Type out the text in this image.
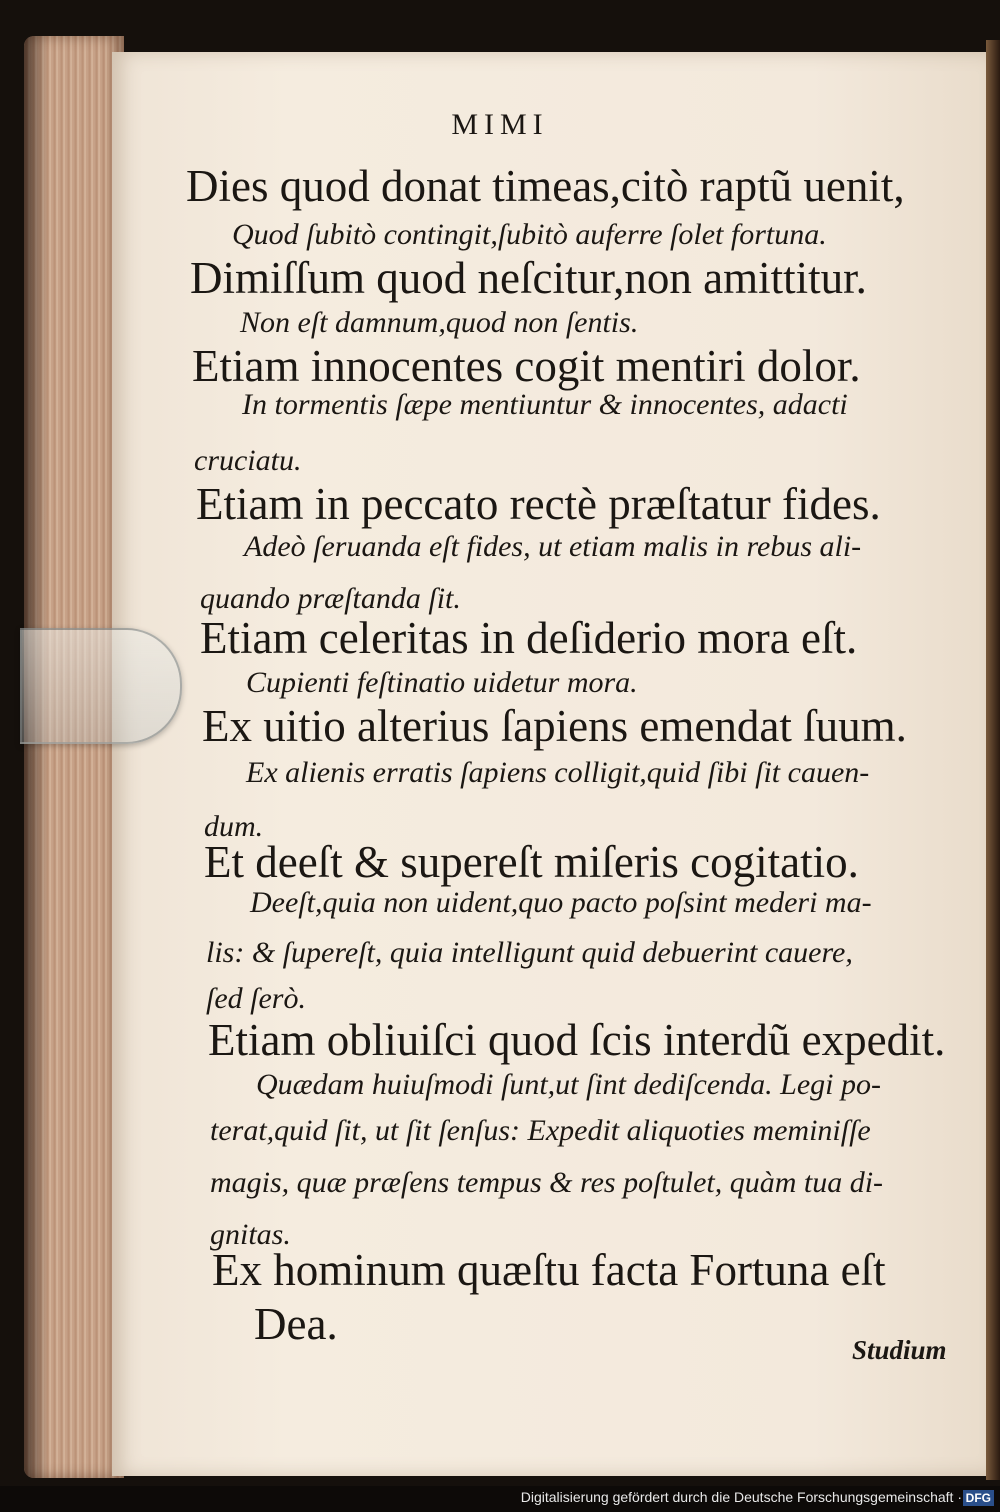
MIMI
Dies quod donat timeas,citò raptũ uenit,
Quod ſubitò contingit,ſubitò auferre ſolet fortuna.
Dimiſſum quod neſcitur,non amittitur.
Non eſt damnum,quod non ſentis.
Etiam innocentes cogit mentiri dolor.
In tormentis ſæpe mentiuntur & innocentes, adacti
cruciatu.
Etiam in peccato rectè præſtatur fides.
Adeò ſeruanda eſt fides, ut etiam malis in rebus ali-
quando præſtanda ſit.
Etiam celeritas in deſiderio mora eſt.
Cupienti feſtinatio uidetur mora.
Ex uitio alterius ſapiens emendat ſuum.
Ex alienis erratis ſapiens colligit,quid ſibi ſit cauen-
dum.
Et deeſt & supereſt miſeris cogitatio.
Deeſt,quia non uident,quo pacto poſsint mederi ma-
lis: & ſupereſt, quia intelligunt quid debuerint cauere,
ſed ſerò.
Etiam obliuiſci quod ſcis interdũ expedit.
Quædam huiuſmodi ſunt,ut ſint dediſcenda. Legi po-
terat,quid ſit, ut ſit ſenſus: Expedit aliquoties meminiſſe
magis, quæ præſens tempus & res poſtulet, quàm tua di-
gnitas.
Ex hominum quæſtu facta Fortuna eſt
Dea.
Studium
Digitalisierung gefördert durch die Deutsche Forschungsgemeinschaft · DFG
